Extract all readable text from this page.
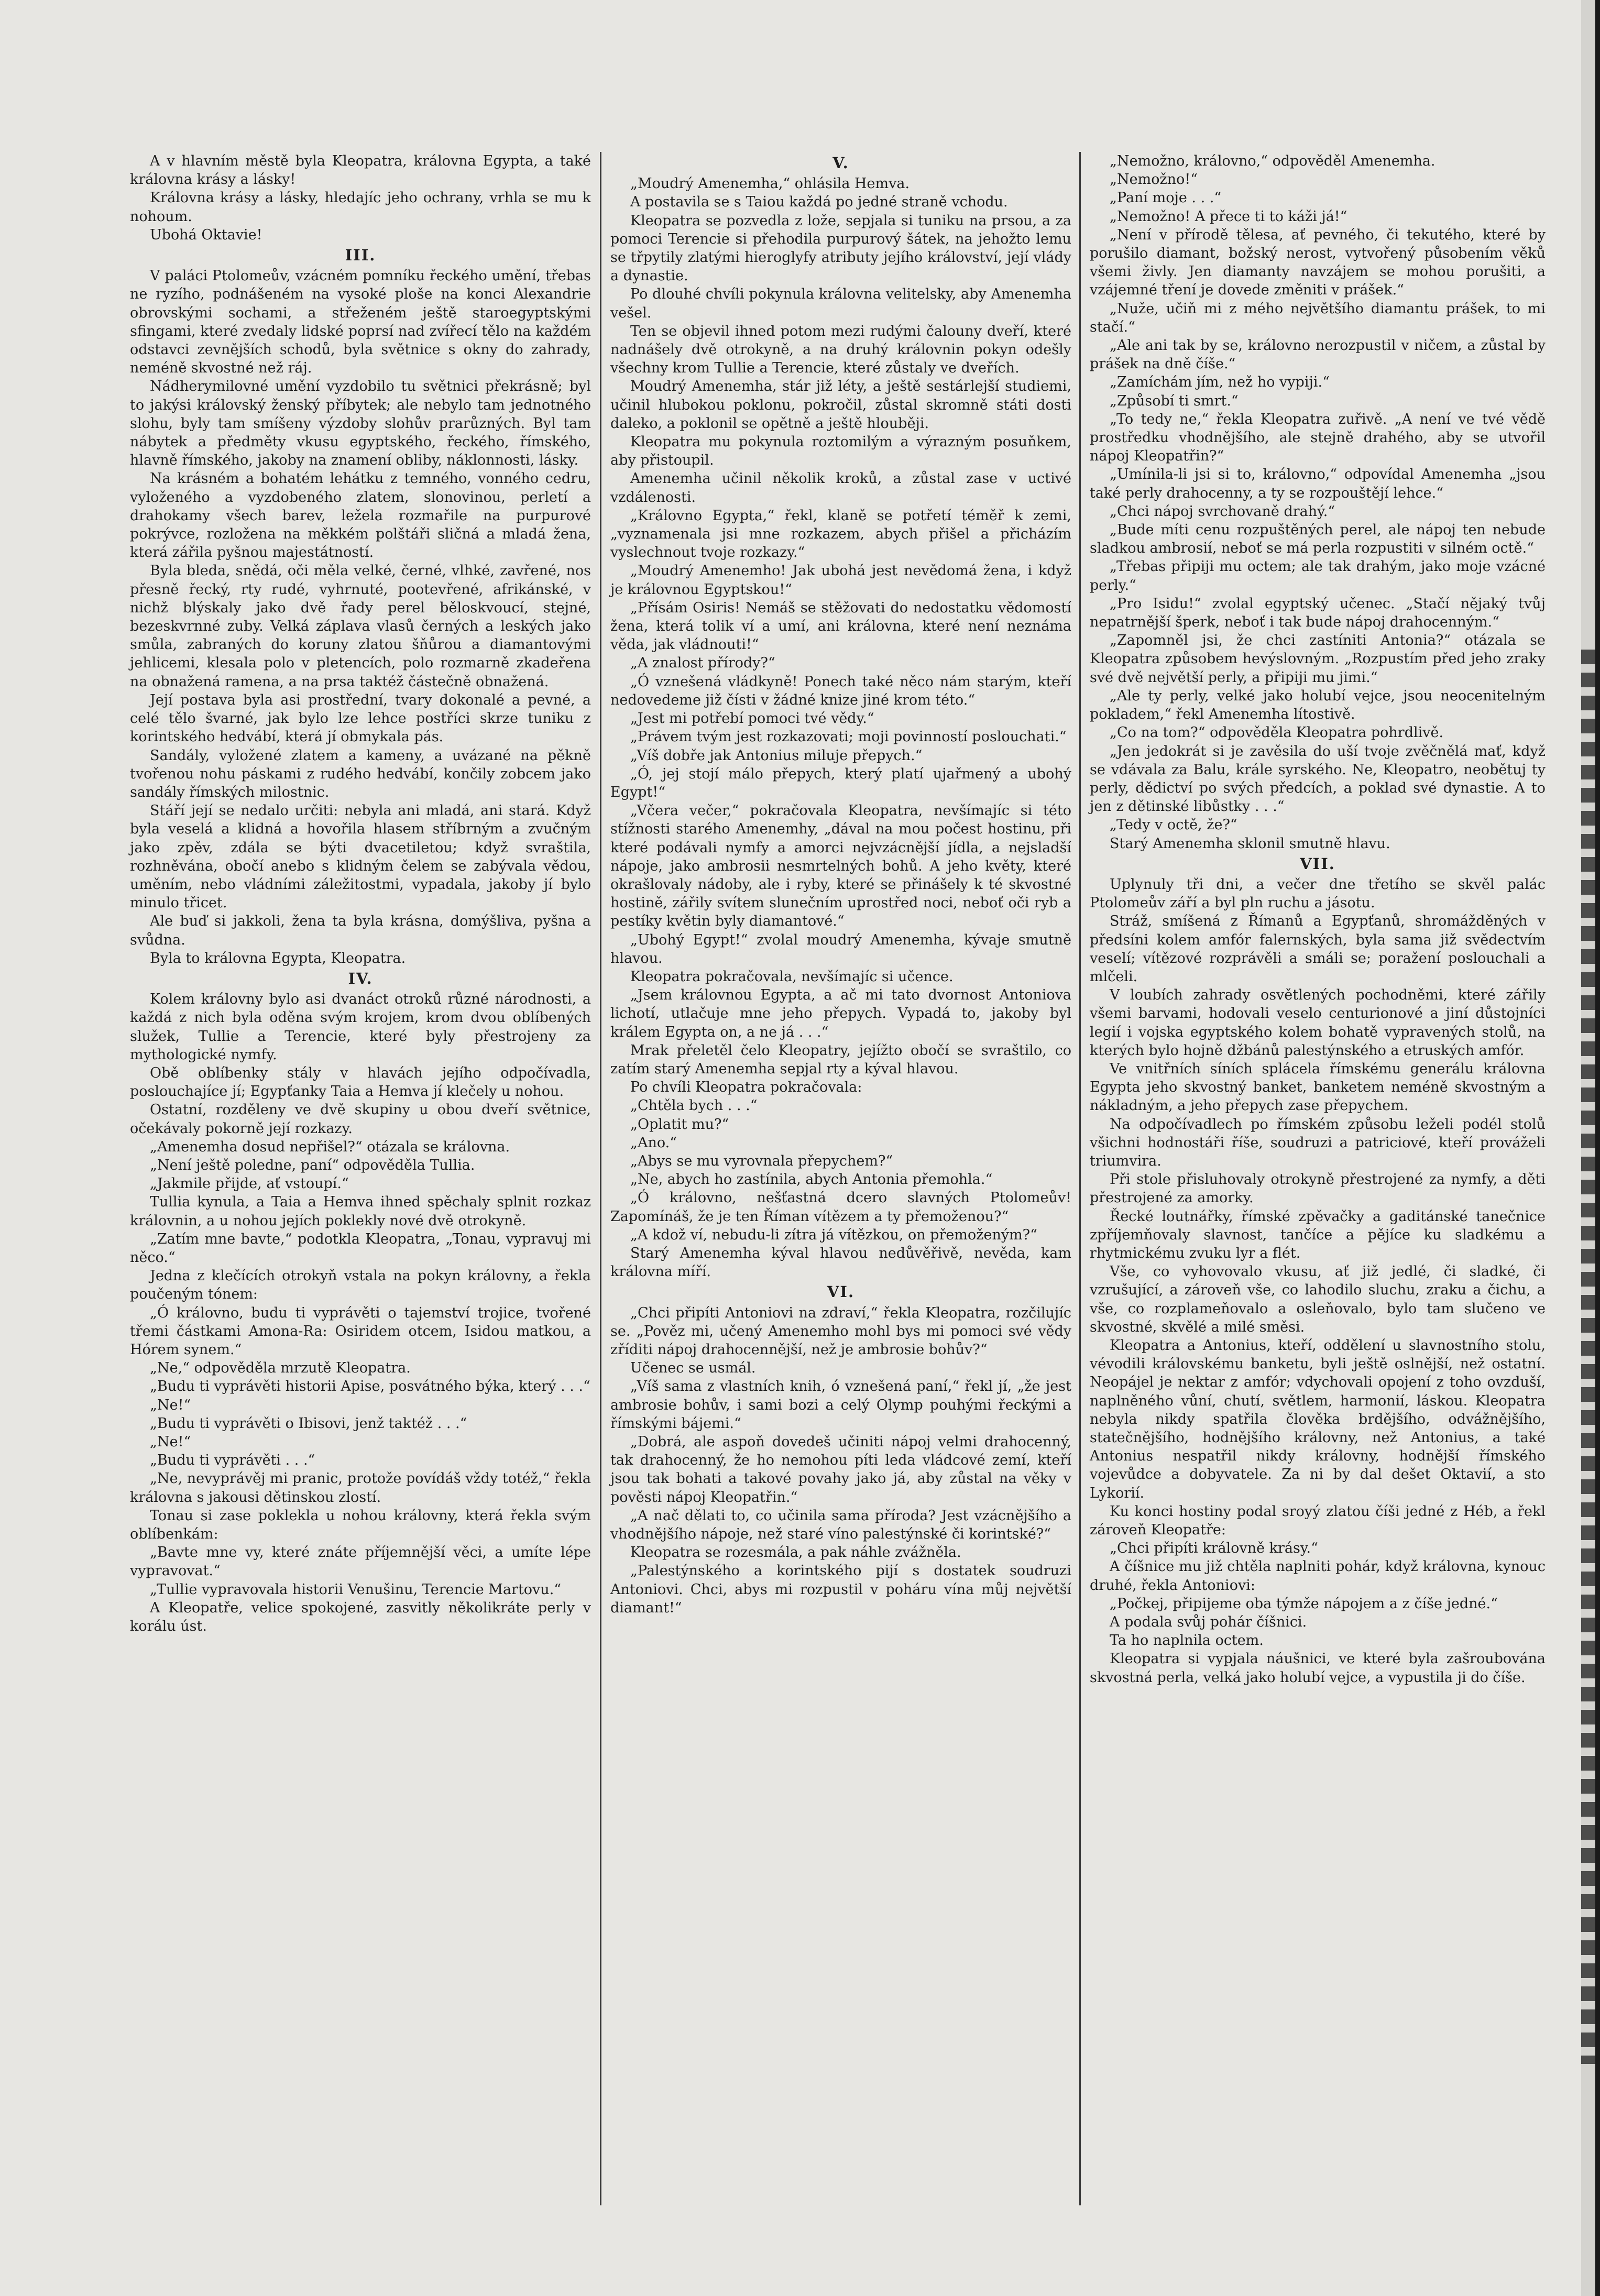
A v hlavním městě byla Kleopatra, královna Egypta, a také královna krásy a lásky!

Královna krásy a lásky, hledajíc jeho ochrany, vrhla se mu k nohoum.

Ubohá Oktavie!

III.

V paláci Ptolomeův, vzácném pomníku řeckého umění, třebas ne ryzího, podnášeném na vysoké ploše na konci Alexandrie obrovskými sochami, a střeženém ještě staroegyptskými sfingami, které zvedaly lidské poprsí nad zvířecí tělo na každém odstavci zevnějších schodů, byla světnice s okny do zahrady, neméně skvostné než ráj.

Nádherymilovné umění vyzdobilo tu světnici překrásně; byl to jakýsi královský ženský příbytek; ale nebylo tam jednotného slohu, byly tam smíšeny výzdoby slohův prarůzných. Byl tam nábytek a předměty vkusu egyptského, řeckého, římského, hlavně římského, jakoby na znamení obliby, náklonnosti, lásky.

Na krásném a bohatém lehátku z temného, vonného cedru, vyloženého a vyzdobeného zlatem, slonovinou, perletí a drahokamy všech barev, ležela rozmařile na purpurové pokrývce, rozložena na měkkém polštáři sličná a mladá žena, která zářila pyšnou majestátností.

Byla bleda, snědá, oči měla velké, černé, vlhké, zavřené, nos přesně řecký, rty rudé, vyhrnuté, pootevřené, afrikánské, v nichž blýskaly jako dvě řady perel běloskvoucí, stejné, bezeskvrnné zuby. Velká záplava vlasů černých a leských jako smůla, zabraných do koruny zlatou šňůrou a diamantovými jehlicemi, klesala polo v pletencích, polo rozmarně zkadeřena na obnažená ramena, a na prsa taktéž částečně obnažená.

Její postava byla asi prostřední, tvary dokonalé a pevné, a celé tělo švarné, jak bylo lze lehce postříci skrze tuniku z korintského hedvábí, která jí obmykala pás.

Sandály, vyložené zlatem a kameny, a uvázané na pěkně tvořenou nohu páskami z rudého hedvábí, končily zobcem jako sandály římských milostnic.

Stáří její se nedalo určiti: nebyla ani mladá, ani stará. Když byla veselá a klidná a hovořila hlasem stříbrným a zvučným jako zpěv, zdála se býti dvacetiletou; když svraštila, rozhněvána, obočí anebo s klidným čelem se zabývala vědou, uměním, nebo vládními záležitostmi, vypadala, jakoby jí bylo minulo třicet.

Ale buď si jakkoli, žena ta byla krásna, domýšliva, pyšna a svůdna.

Byla to královna Egypta, Kleopatra.

IV.

Kolem královny bylo asi dvanáct otroků různé národnosti, a každá z nich byla oděna svým krojem, krom dvou oblíbených služek, Tullie a Terencie, které byly přestrojeny za mythologické nymfy.

Obě oblíbenky stály v hlavách jejího odpočívadla, poslouchajíce jí; Egypťanky Taia a Hemva jí klečely u nohou.

Ostatní, rozděleny ve dvě skupiny u obou dveří světnice, očekávaly pokorně její rozkazy.

„Amenemha dosud nepřišel?“ otázala se královna.

„Není ještě poledne, paní“ odpověděla Tullia.

„Jakmile přijde, ať vstoupí.“

Tullia kynula, a Taia a Hemva ihned spěchaly splnit rozkaz královnin, a u nohou jejích poklekly nové dvě otrokyně.

„Zatím mne bavte,“ podotkla Kleopatra, „Tonau, vypravuj mi něco.“

Jedna z klečících otrokyň vstala na pokyn královny, a řekla poučeným tónem:

„Ó královno, budu ti vyprávěti o tajemství trojice, tvořené třemi částkami Amona-Ra: Osiridem otcem, Isidou matkou, a Hórem synem.“

„Ne,“ odpověděla mrzutě Kleopatra.

„Budu ti vyprávěti historii Apise, posvátného býka, který . . .“

„Ne!“

„Budu ti vyprávěti o Ibisovi, jenž taktéž . . .“

„Ne!“

„Budu ti vyprávěti . . .“

„Ne, nevyprávěj mi pranic, protože povídáš vždy totéž,“ řekla královna s jakousi dětinskou zlostí.

Tonau si zase poklekla u nohou královny, která řekla svým oblíbenkám:

„Bavte mne vy, které znáte příjemnější věci, a umíte lépe vypravovat.“

„Tullie vypravovala historii Venušinu, Terencie Martovu.“

A Kleopatře, velice spokojené, zasvitly několikráte perly v korálu úst.

V.

„Moudrý Amenemha,“ ohlásila Hemva.

A postavila se s Taiou každá po jedné straně vchodu.

Kleopatra se pozvedla z lože, sepjala si tuniku na prsou, a za pomoci Terencie si přehodila purpurový šátek, na jehožto lemu se třpytily zlatými hieroglyfy atributy jejího království, její vlády a dynastie.

Po dlouhé chvíli pokynula královna velitelsky, aby Amenemha vešel.

Ten se objevil ihned potom mezi rudými čalouny dveří, které nadnášely dvě otrokyně, a na druhý královnin pokyn odešly všechny krom Tullie a Terencie, které zůstaly ve dveřích.

Moudrý Amenemha, stár již léty, a ještě sestárlejší studiemi, učinil hlubokou poklonu, pokročil, zůstal skromně státi dosti daleko, a poklonil se opětně a ještě hlouběji.

Kleopatra mu pokynula roztomilým a výrazným posuňkem, aby přistoupil.

Amenemha učinil několik kroků, a zůstal zase v uctivé vzdálenosti.

„Královno Egypta,“ řekl, klaně se potřetí téměř k zemi, „vyznamenala jsi mne rozkazem, abych přišel a přicházím vyslechnout tvoje rozkazy.“

„Moudrý Amenemho! Jak ubohá jest nevědomá žena, i když je královnou Egyptskou!“

„Přísám Osiris! Nemáš se stěžovati do nedostatku vědomostí žena, která tolik ví a umí, ani královna, které není neznáma věda, jak vládnouti!“

„A znalost přírody?“

„Ó vznešená vládkyně! Ponech také něco nám starým, kteří nedovedeme již čísti v žádné knize jiné krom této.“

„Jest mi potřebí pomoci tvé vědy.“

„Právem tvým jest rozkazovati; moji povinností poslouchati.“

„Víš dobře jak Antonius miluje přepych.“

„Ó, jej stojí málo přepych, který platí ujařmený a ubohý Egypt!“

„Včera večer,“ pokračovala Kleopatra, nevšímajíc si této stížnosti starého Amenemhy, „dával na mou počest hostinu, při které podávali nymfy a amorci nejvzácnější jídla, a nejsladší nápoje, jako ambrosii nesmrtelných bohů. A jeho květy, které okrašlovaly nádoby, ale i ryby, které se přinášely k té skvostné hostině, zářily svítem slunečním uprostřed noci, neboť oči ryb a pestíky květin byly diamantové.“

„Ubohý Egypt!“ zvolal moudrý Amenemha, kývaje smutně hlavou.

Kleopatra pokračovala, nevšímajíc si učence.

„Jsem královnou Egypta, a ač mi tato dvornost Antoniova lichotí, utlačuje mne jeho přepych. Vypadá to, jakoby byl králem Egypta on, a ne já . . .“

Mrak přeletěl čelo Kleopatry, jejížto obočí se svraštilo, co zatím starý Amenemha sepjal rty a kýval hlavou.

Po chvíli Kleopatra pokračovala:

„Chtěla bych . . .“

„Oplatit mu?“

„Ano.“

„Abys se mu vyrovnala přepychem?“

„Ne, abych ho zastínila, abych Antonia přemohla.“

„Ó královno, nešťastná dcero slavných Ptolomeův! Zapomínáš, že je ten Říman vítězem a ty přemoženou?“

„A kdož ví, nebudu-li zítra já vítězkou, on přemoženým?“

Starý Amenemha kýval hlavou nedůvěřivě, nevěda, kam královna míří.

VI.

„Chci připíti Antoniovi na zdraví,“ řekla Kleopatra, rozčilujíc se. „Pověz mi, učený Amenemho mohl bys mi pomoci své vědy zříditi nápoj drahocennější, než je ambrosie bohův?“

Učenec se usmál.

„Víš sama z vlastních knih, ó vznešená paní,“ řekl jí, „že jest ambrosie bohův, i sami bozi a celý Olymp pouhými řeckými a římskými bájemi.“

„Dobrá, ale aspoň dovedeš učiniti nápoj velmi drahocenný, tak drahocenný, že ho nemohou píti leda vládcové zemí, kteří jsou tak bohati a takové povahy jako já, aby zůstal na věky v pověsti nápoj Kleopatřin.“

„A nač dělati to, co učinila sama příroda? Jest vzácnějšího a vhodnějšího nápoje, než staré víno palestýnské či korintské?“

Kleopatra se rozesmála, a pak náhle zvážněla.

„Palestýnského a korintského pijí s dostatek soudruzi Antoniovi. Chci, abys mi rozpustil v poháru vína můj největší diamant!“

„Nemožno, královno,“ odpověděl Amenemha.

„Nemožno!“

„Paní moje . . .“

„Nemožno! A přece ti to káži já!“

„Není v přírodě tělesa, ať pevného, či tekutého, které by porušilo diamant, božský nerost, vytvořený působením věků všemi živly. Jen diamanty navzájem se mohou porušiti, a vzájemné tření je dovede změniti v prášek.“

„Nuže, učiň mi z mého největšího diamantu prášek, to mi stačí.“

„Ale ani tak by se, královno nerozpustil v ničem, a zůstal by prášek na dně číše.“

„Zamíchám jím, než ho vypiji.“

„Způsobí ti smrt.“

„To tedy ne,“ řekla Kleopatra zuřivě. „A není ve tvé vědě prostředku vhodnějšího, ale stejně drahého, aby se utvořil nápoj Kleopatřin?“

„Umínila-li jsi si to, královno,“ odpovídal Amenemha „jsou také perly drahocenny, a ty se rozpouštějí lehce.“

„Chci nápoj svrchovaně drahý.“

„Bude míti cenu rozpuštěných perel, ale nápoj ten nebude sladkou ambrosií, neboť se má perla rozpustiti v silném octě.“

„Třebas připiji mu octem; ale tak drahým, jako moje vzácné perly.“

„Pro Isidu!“ zvolal egyptský učenec. „Stačí nějaký tvůj nepatrnější šperk, neboť i tak bude nápoj drahocenným.“

„Zapomněl jsi, že chci zastíniti Antonia?“ otázala se Kleopatra způsobem hevýslovným. „Rozpustím před jeho zraky své dvě největší perly, a připiji mu jimi.“

„Ale ty perly, velké jako holubí vejce, jsou neocenitelným pokladem,“ řekl Amenemha lítostivě.

„Co na tom?“ odpověděla Kleopatra pohrdlivě.

„Jen jedokrát si je zavěsila do uší tvoje zvěčnělá mať, když se vdávala za Balu, krále syrského. Ne, Kleopatro, neobětuj ty perly, dědictví po svých předcích, a poklad své dynastie. A to jen z dětinské libůstky . . .“

„Tedy v octě, že?“

Starý Amenemha sklonil smutně hlavu.

VII.

Uplynuly tři dni, a večer dne třetího se skvěl palác Ptolomeův září a byl pln ruchu a jásotu.

Stráž, smíšená z Římanů a Egypťanů, shromážděných v předsíni kolem amfór falernských, byla sama již svědectvím veselí; vítězové rozprávěli a smáli se; poražení poslouchali a mlčeli.

V loubích zahrady osvětlených pochodněmi, které zářily všemi barvami, hodovali veselo centurionové a jiní důstojníci legií i vojska egyptského kolem bohatě vypravených stolů, na kterých bylo hojně džbánů palestýnského a etruských amfór.

Ve vnitřních síních splácela římskému generálu královna Egypta jeho skvostný banket, banketem neméně skvostným a nákladným, a jeho přepych zase přepychem.

Na odpočívadlech po římském způsobu leželi podél stolů všichni hodnostáři říše, soudruzi a patriciové, kteří prováželi triumvira.

Při stole přisluhovaly otrokyně přestrojené za nymfy, a děti přestrojené za amorky.

Řecké loutnářky, římské zpěvačky a gaditánské tanečnice zpříjemňovaly slavnost, tančíce a pějíce ku sladkému a rhytmickému zvuku lyr a flét.

Vše, co vyhovovalo vkusu, ať již jedlé, či sladké, či vzrušující, a zároveň vše, co lahodilo sluchu, zraku a čichu, a vše, co rozplameňovalo a osleňovalo, bylo tam slučeno ve skvostné, skvělé a milé směsi.

Kleopatra a Antonius, kteří, oddělení u slavnostního stolu, vévodili královskému banketu, byli ještě oslnější, než ostatní. Neopájel je nektar z amfór; vdychovali opojení z toho ovzduší, naplněného vůní, chutí, světlem, harmonií, láskou. Kleopatra nebyla nikdy spatřila člověka brdějšího, odvážnějšího, statečnějšího, hodnějšího královny, než Antonius, a také Antonius nespatřil nikdy královny, hodnější římského vojevůdce a dobyvatele. Za ni by dal dešet Oktavií, a sto Lykorií.

Ku konci hostiny podal sroyý zlatou číši jedné z Héb, a řekl zároveň Kleopatře:

„Chci připíti královně krásy.“

A číšnice mu již chtěla naplniti pohár, když královna, kynouc druhé, řekla Antoniovi:

„Počkej, připijeme oba týmže nápojem a z číše jedné.“

A podala svůj pohár číšnici.

Ta ho naplnila octem.

Kleopatra si vypjala náušnici, ve které byla zašroubována skvostná perla, velká jako holubí vejce, a vypustila ji do číše.
